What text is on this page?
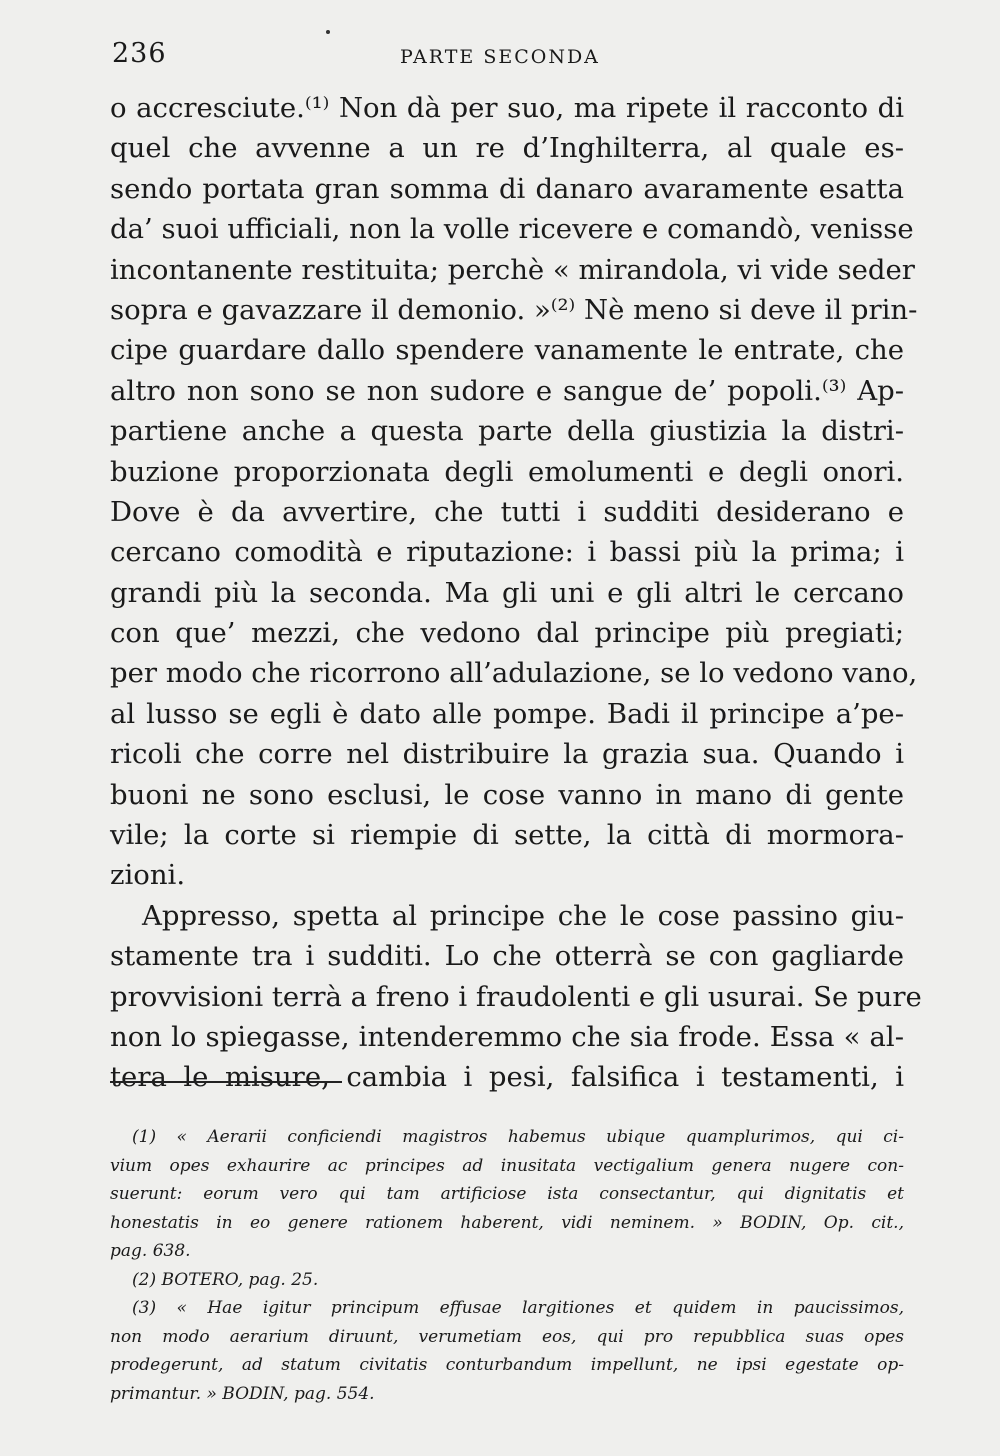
236	PARTE SECONDA
o accresciute.⁽¹⁾ Non dà per suo, ma ripete il racconto di
quel che avvenne a un re d’Inghilterra, al quale es-
sendo portata gran somma di danaro avaramente esatta
da’ suoi ufficiali, non la volle ricevere e comandò, venisse
incontanente restituita; perchè « mirandola, vi vide seder
sopra e gavazzare il demonio. »⁽²⁾ Nè meno si deve il prin-
cipe guardare dallo spendere vanamente le entrate, che
altro non sono se non sudore e sangue de’ popoli.⁽³⁾ Ap-
partiene anche a questa parte della giustizia la distri-
buzione proporzionata degli emolumenti e degli onori.
Dove è da avvertire, che tutti i sudditi desiderano e
cercano comodità e riputazione: i bassi più la prima; i
grandi più la seconda. Ma gli uni e gli altri le cercano
con que’ mezzi, che vedono dal principe più pregiati;
per modo che ricorrono all’adulazione, se lo vedono vano,
al lusso se egli è dato alle pompe. Badi il principe a’pe-
ricoli che corre nel distribuire la grazia sua. Quando i
buoni ne sono esclusi, le cose vanno in mano di gente
vile; la corte si riempie di sette, la città di mormora-
zioni.
Appresso, spetta al principe che le cose passino giu-
stamente tra i sudditi. Lo che otterrà se con gagliarde
provvisioni terrà a freno i fraudolenti e gli usurai. Se pure
non lo spiegasse, intenderemmo che sia frode. Essa « al-
tera le misure, cambia i pesi, falsifica i testamenti, i
(1) « Aerarii conficiendi magistros habemus ubique quamplurimos, qui ci-
vium opes exhaurire ac principes ad inusitata vectigalium genera nugere con-
suerunt: eorum vero qui tam artificiose ista consectantur, qui dignitatis et
honestatis in eo genere rationem haberent, vidi neminem. » BODIN, Op. cit.,
pag. 638.
(2) BOTERO, pag. 25.
(3) « Hae igitur principum effusae largitiones et quidem in paucissimos,
non modo aerarium diruunt, verumetiam eos, qui pro repubblica suas opes
prodegerunt, ad statum civitatis conturbandum impellunt, ne ipsi egestate op-
primantur. » BODIN, pag. 554.
